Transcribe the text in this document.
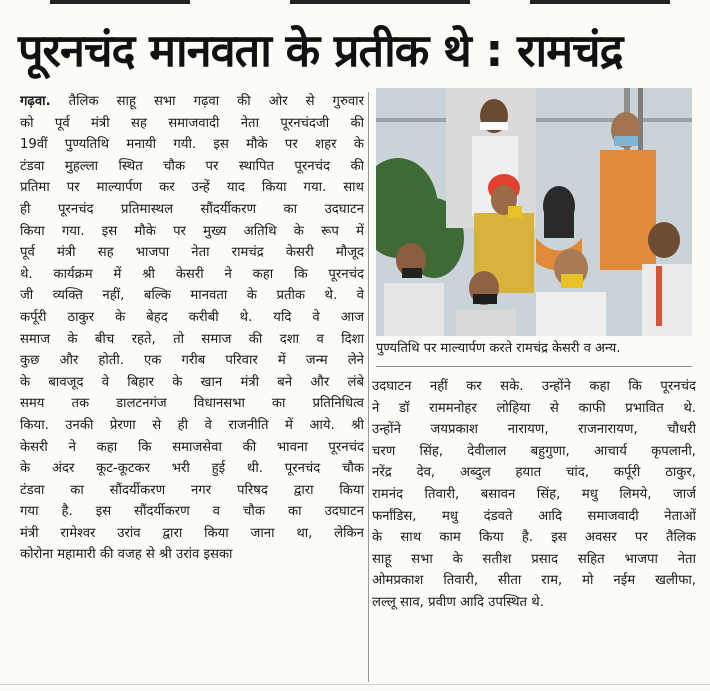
पूरनचंद मानवता के प्रतीक थे : रामचंद्र
गढ़वा. तैलिक साहू सभा गढ़वा की ओर से गुरुवार
को पूर्व मंत्री सह समाजवादी नेता पूरनचंदजी की
19वीं पुण्यतिथि मनायी गयी. इस मौके पर शहर के
टंडवा मुहल्ला स्थित चौक पर स्थापित पूरनचंद की
प्रतिमा पर माल्यार्पण कर उन्हें याद किया गया. साथ
ही पूरनचंद प्रतिमास्थल सौंदर्यीकरण का उदघाटन
किया गया. इस मौके पर मुख्य अतिथि के रूप में
पूर्व मंत्री सह भाजपा नेता रामचंद्र केसरी मौजूद
थे. कार्यक्रम में श्री केसरी ने कहा कि पूरनचंद
जी व्यक्ति नहीं, बल्कि मानवता के प्रतीक थे. वे
कर्पूरी ठाकुर के बेहद करीबी थे. यदि वे आज
समाज के बीच रहते, तो समाज की दशा व दिशा
कुछ और होती. एक गरीब परिवार में जन्म लेने
के बावजूद वे बिहार के खान मंत्री बने और लंबे
समय तक डालटनगंज विधानसभा का प्रतिनिधित्व
किया. उनकी प्रेरणा से ही वे राजनीति में आये. श्री
केसरी ने कहा कि समाजसेवा की भावना पूरनचंद
के अंदर कूट-कूटकर भरी हुई थी. पूरनचंद चौक
टंडवा का सौंदर्यीकरण नगर परिषद द्वारा किया
गया है. इस सौंदर्यीकरण व चौक का उदघाटन
मंत्री रामेश्वर उरांव द्वारा किया जाना था, लेकिन
कोरोना महामारी की वजह से श्री उरांव इसका
पुण्यतिथि पर माल्यार्पण करते रामचंद्र केसरी व अन्य.
उदघाटन नहीं कर सके. उन्होंने कहा कि पूरनचंद
ने डॉ राममनोहर लोहिया से काफी प्रभावित थे.
उन्होंने जयप्रकाश नारायण, राजनारायण, चौधरी
चरण सिंह, देवीलाल बहुगुणा, आचार्य कृपलानी,
नरेंद्र देव, अब्दुल हयात चांद, कर्पूरी ठाकुर,
रामनंद तिवारी, बसावन सिंह, मधु लिमये, जार्ज
फर्नांडिस, मधु दंडवते आदि समाजवादी नेताओं
के साथ काम किया है. इस अवसर पर तैलिक
साहू सभा के सतीश प्रसाद सहित भाजपा नेता
ओमप्रकाश तिवारी, सीता राम, मो नईम खलीफा,
लल्लू साव, प्रवीण आदि उपस्थित थे.
